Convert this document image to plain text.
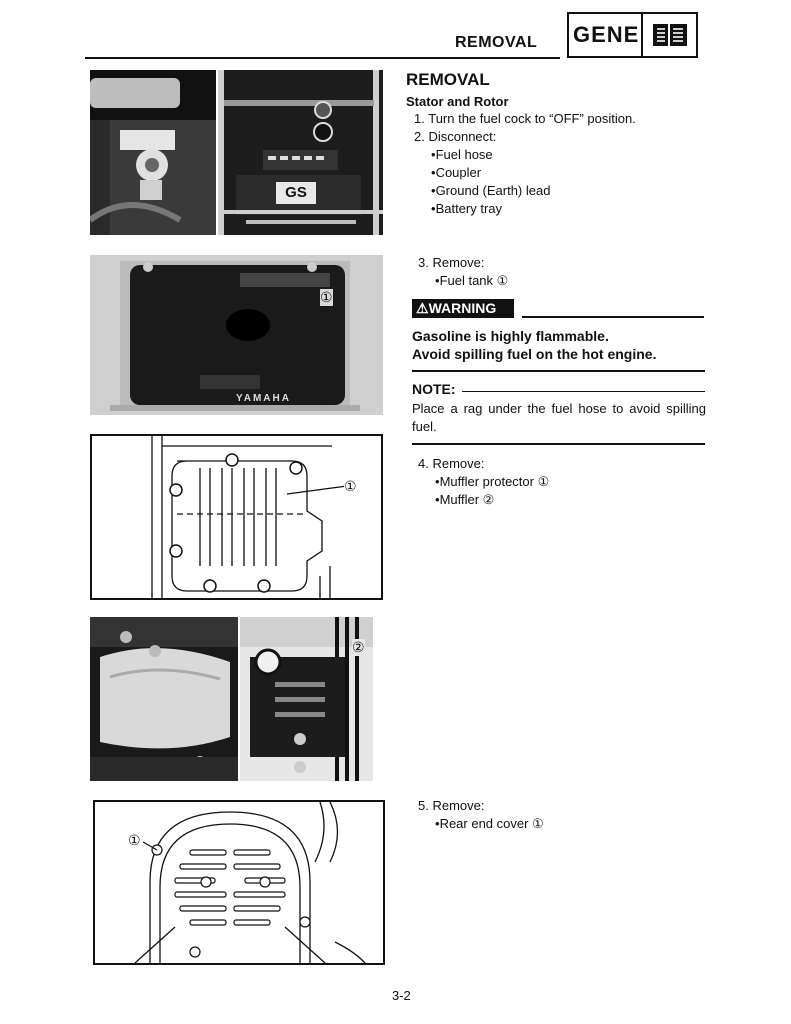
REMOVAL GENE
GS
REMOVAL
Stator and Rotor
1. Turn the fuel cock to “OFF” position.
2. Disconnect:
• Fuel hose
• Coupler
• Ground (Earth) lead
• Battery tray
YAMAHA
①
3. Remove:
• Fuel tank ①
⚠WARNING
Gasoline is highly flammable.
Avoid spilling fuel on the hot engine.
NOTE:
Place a rag under the fuel hose to avoid spilling fuel.
①
4. Remove:
• Muffler protector ①
• Muffler ②
②
①
5. Remove:
• Rear end cover ①
3-2
